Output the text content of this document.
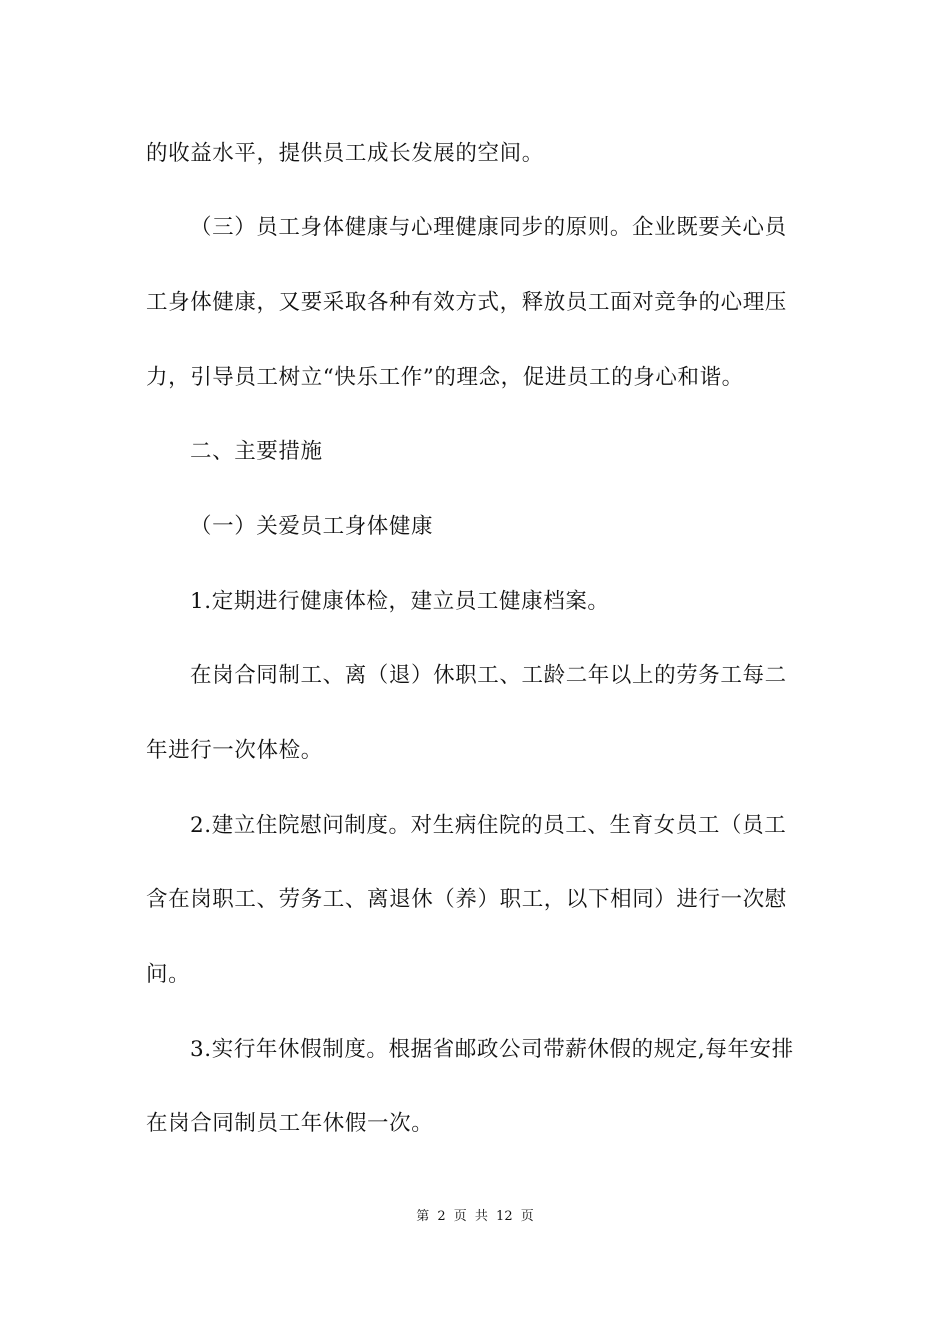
的收益水平，提供员工成长发展的空间。
（三）员工身体健康与心理健康同步的原则。企业既要关心员
工身体健康，又要采取各种有效方式，释放员工面对竞争的心理压
力，引导员工树立“快乐工作”的理念，促进员工的身心和谐。
二、主要措施
（一）关爱员工身体健康
1.定期进行健康体检，建立员工健康档案。
在岗合同制工、离（退）休职工、工龄二年以上的劳务工每二
年进行一次体检。
2.建立住院慰问制度。对生病住院的员工、生育女员工（员工
含在岗职工、劳务工、离退休（养）职工，以下相同）进行一次慰
问。
3.实行年休假制度。根据省邮政公司带薪休假的规定,每年安排
在岗合同制员工年休假一次。
第 2 页 共 12 页
